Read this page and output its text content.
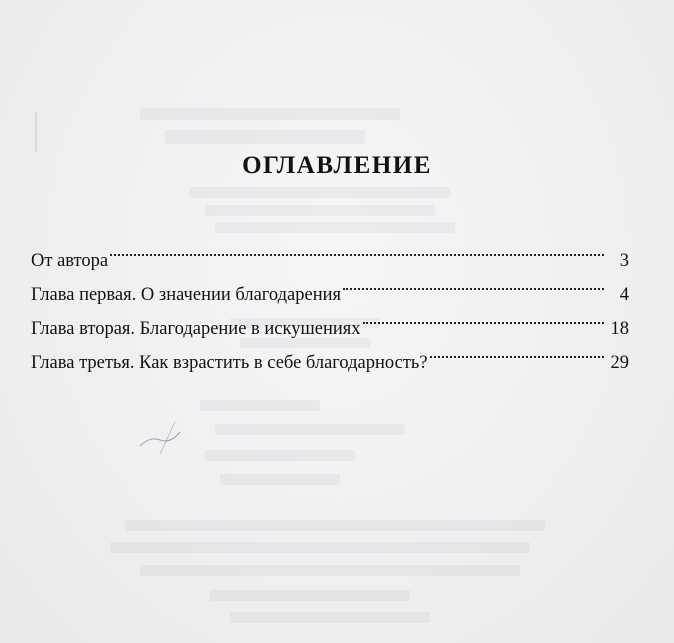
ОГЛАВЛЕНИЕ
От автора	3
Глава первая. О значении благодарения	4
Глава вторая. Благодарение в искушениях	18
Глава третья. Как взрастить в себе благодарность?	29
